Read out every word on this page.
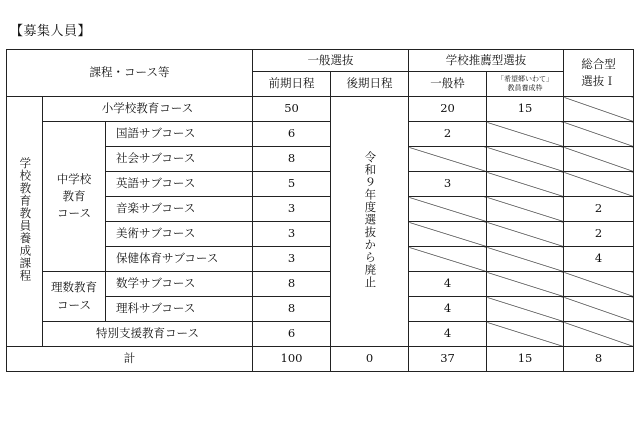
【募集人員】
課程・コース等			一般選抜		学校推薦型選抜		総合型
選抜Ｉ
			前期日程	後期日程	一般枠	「希望郷いわて」
教員養成枠	

学校教育教員養成課程	小学校教育コース		50	令和９年度選抜から廃止	20	15	
	中学校
教育
コース	国語サブコース	6		2		
		社会サブコース	8				
		英語サブコース	5		3		
		音楽サブコース	3				2
		美術サブコース	3				2
		保健体育サブコース	3				4
	理数教育
コース	数学サブコース	8		4		
		理科サブコース	8		4		
	特別支援教育コース		6		4		
計			100	0	37	15	8
